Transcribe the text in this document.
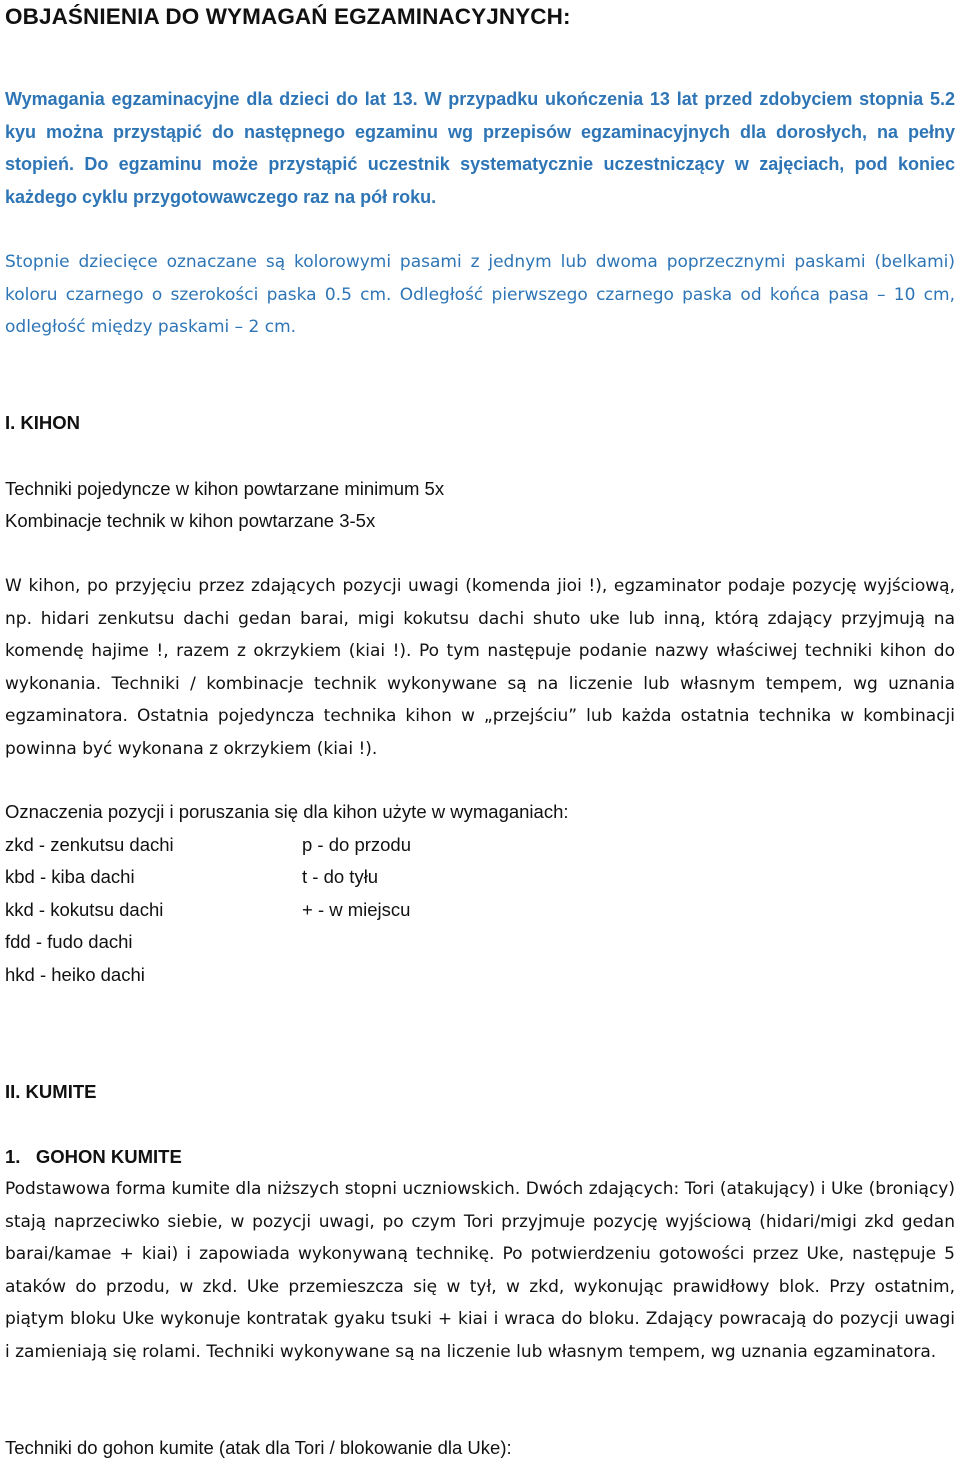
OBJAŚNIENIA DO WYMAGAŃ EGZAMINACYJNYCH:

Wymagania egzaminacyjne dla dzieci do lat 13. W przypadku ukończenia 13 lat przed zdobyciem stopnia 5.2 kyu można przystąpić do następnego egzaminu wg przepisów egzaminacyjnych dla dorosłych, na pełny stopień. Do egzaminu może przystąpić uczestnik systematycznie uczestniczący w zajęciach, pod koniec każdego cyklu przygotowawczego raz na pół roku.

Stopnie dziecięce oznaczane są kolorowymi pasami z jednym lub dwoma poprzecznymi paskami (belkami) koloru czarnego o szerokości paska 0.5 cm. Odległość pierwszego czarnego paska od końca pasa – 10 cm, odległość między paskami – 2 cm.

I. KIHON

Techniki pojedyncze w kihon powtarzane minimum 5x

Kombinacje technik w kihon powtarzane 3-5x

W kihon, po przyjęciu przez zdających pozycji uwagi (komenda jioi !), egzaminator podaje pozycję wyjściową, np. hidari zenkutsu dachi gedan barai, migi kokutsu dachi shuto uke lub inną, którą zdający przyjmują na komendę hajime !, razem z okrzykiem (kiai !). Po tym następuje podanie nazwy właściwej techniki kihon do wykonania. Techniki / kombinacje technik wykonywane są na liczenie lub własnym tempem, wg uznania egzaminatora. Ostatnia pojedyncza technika kihon w „przejściu” lub każda ostatnia technika w kombinacji powinna być wykonana z okrzykiem (kiai !).

Oznaczenia pozycji i poruszania się dla kihon użyte w wymaganiach:

zkd - zenkutsu dachi	p - do przodu
kbd - kiba dachi	t - do tyłu
kkd - kokutsu dachi	+ - w miejscu
fdd - fudo dachi
hkd - heiko dachi

II. KUMITE

1.   GOHON KUMITE

Podstawowa forma kumite dla niższych stopni uczniowskich. Dwóch zdających: Tori (atakujący) i Uke (broniący) stają naprzeciwko siebie, w pozycji uwagi, po czym Tori przyjmuje pozycję wyjściową (hidari/migi zkd gedan barai/kamae + kiai) i zapowiada wykonywaną technikę. Po potwierdzeniu gotowości przez Uke, następuje 5 ataków do przodu, w zkd. Uke przemieszcza się w tył, w zkd, wykonując prawidłowy blok. Przy ostatnim, piątym bloku Uke wykonuje kontratak gyaku tsuki + kiai i wraca do bloku. Zdający powracają do pozycji uwagi i zamieniają się rolami. Techniki wykonywane są na liczenie lub własnym tempem, wg uznania egzaminatora.

Techniki do gohon kumite (atak dla Tori / blokowanie dla Uke):
